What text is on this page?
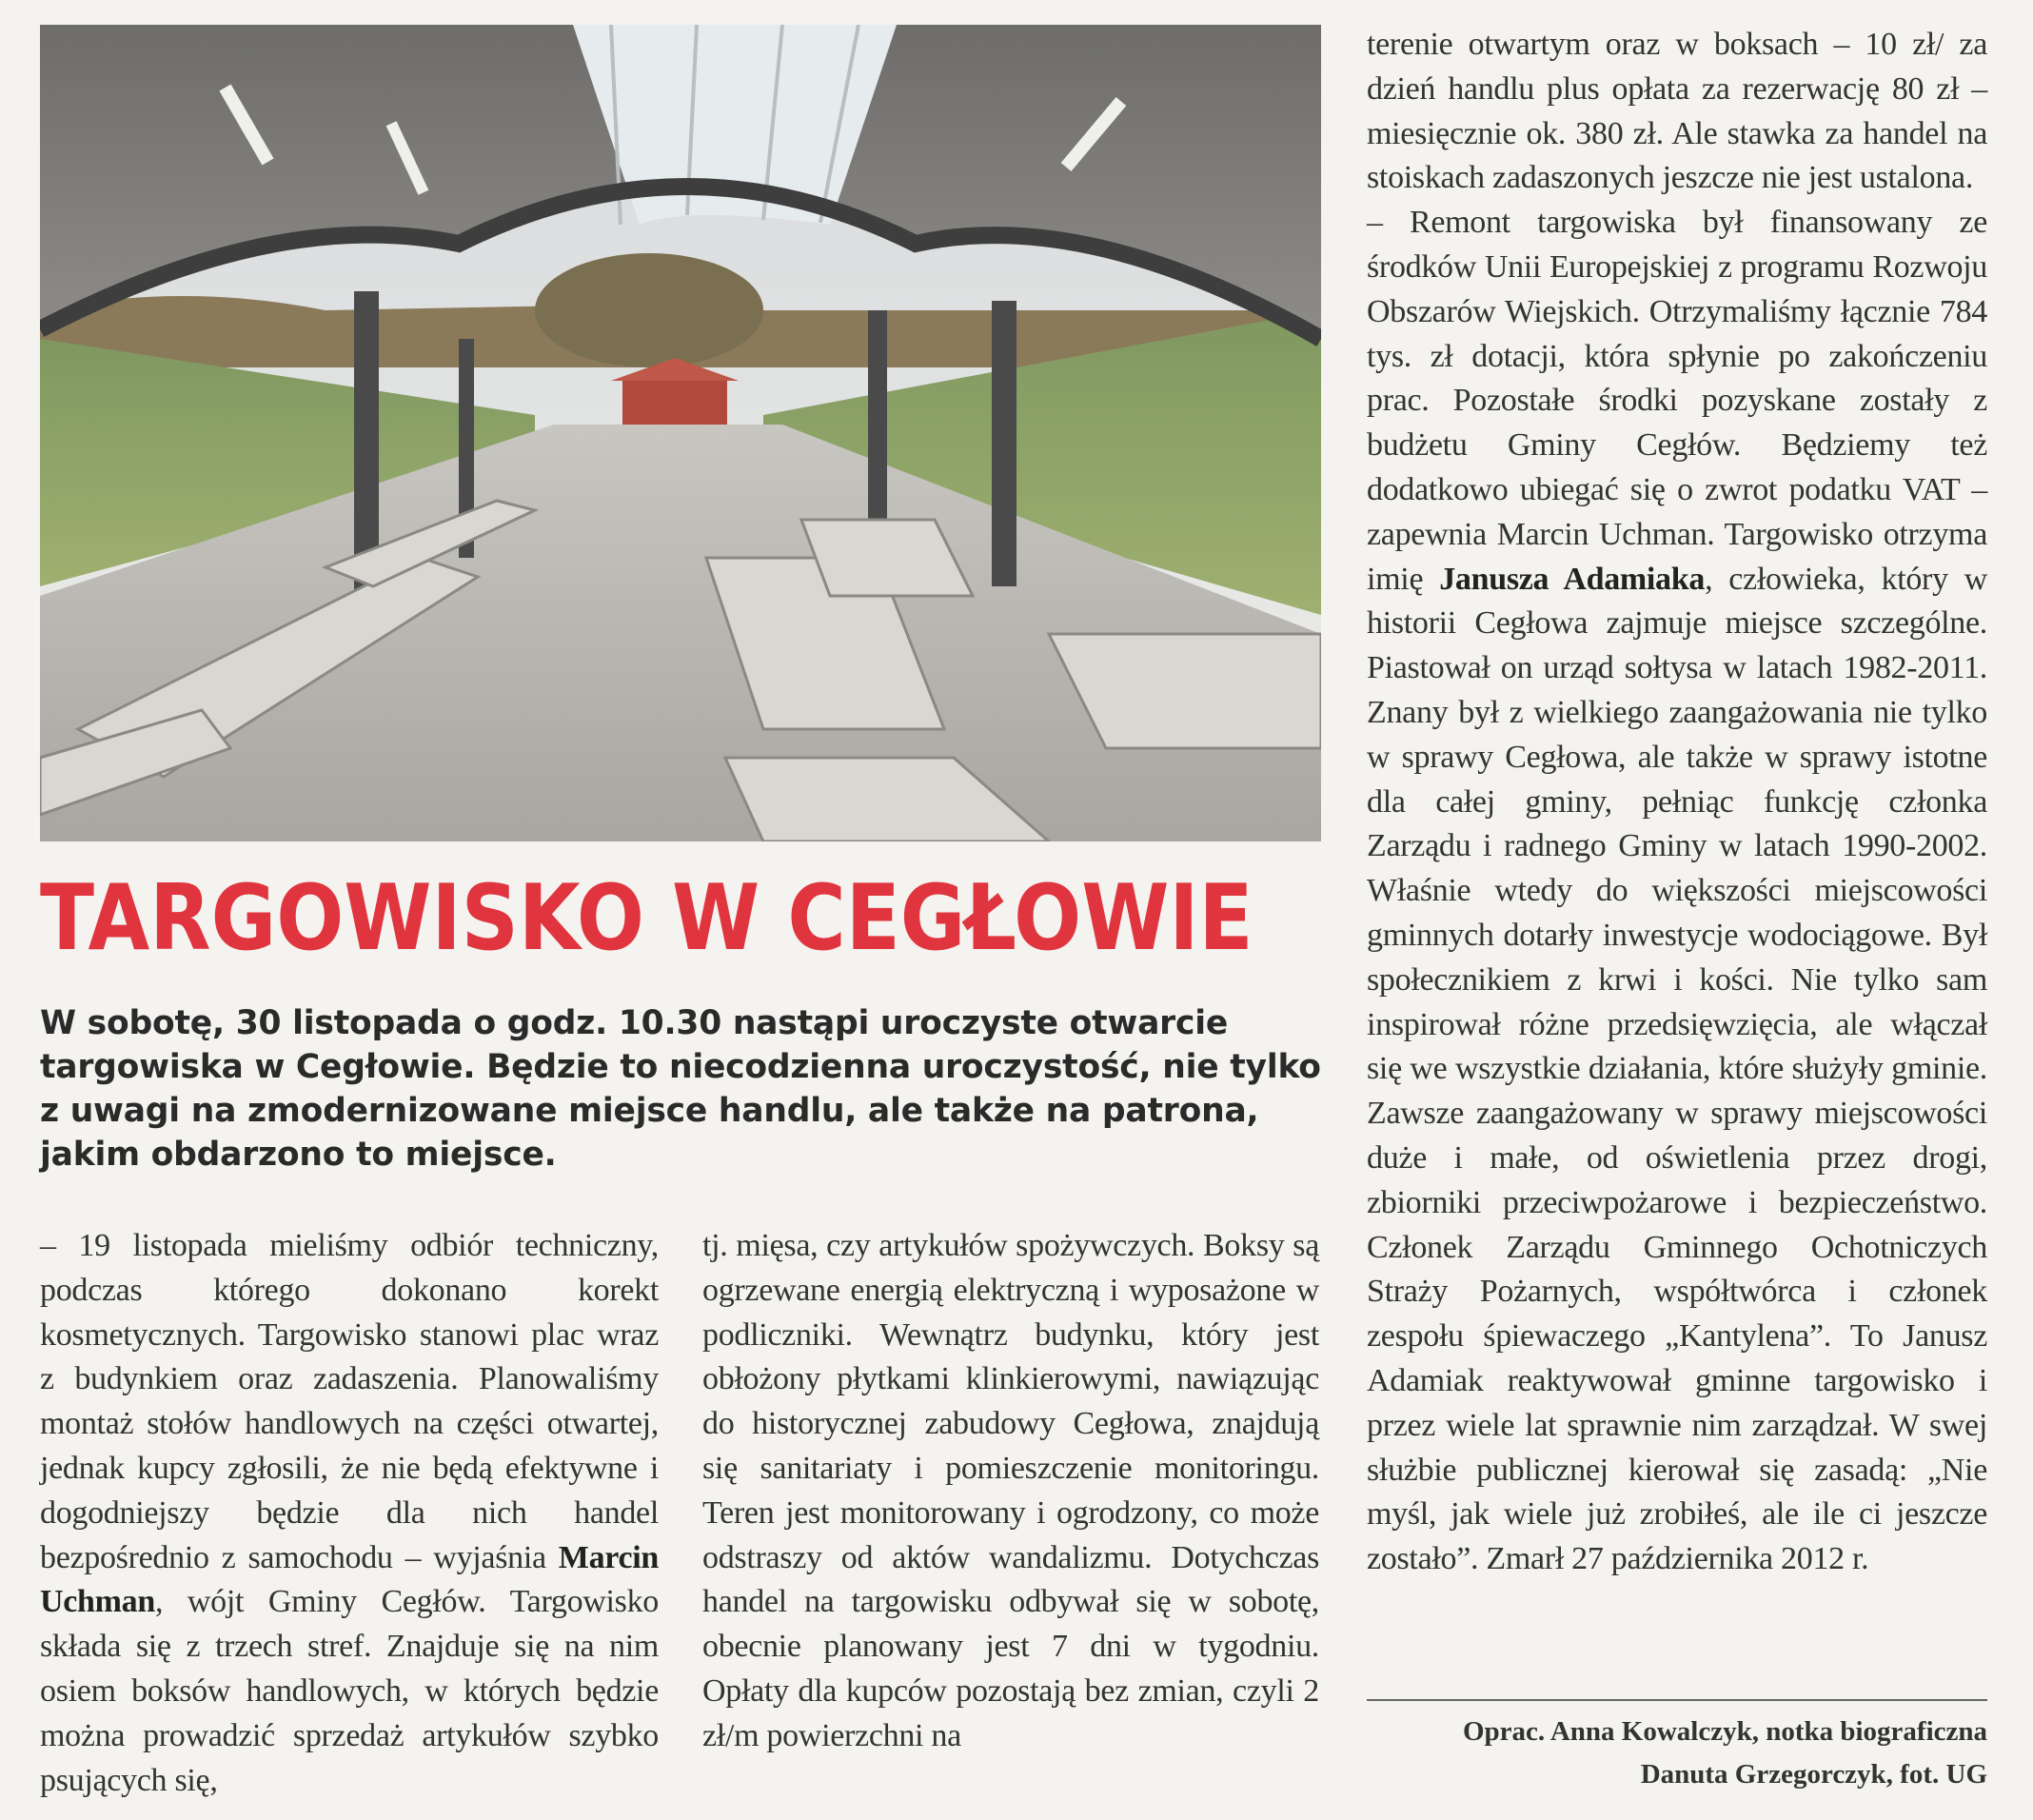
TARGOWISKO W CEGŁOWIE

W sobotę, 30 listopada o godz. 10.30 nastąpi uroczyste otwarcie targowiska w Cegłowie. Będzie to niecodzienna uroczystość, nie tylko z uwagi na zmodernizowane miejsce handlu, ale także na patrona, jakim obdarzono to miejsce.

– 19 listopada mieliśmy odbiór techniczny, podczas którego dokonano korekt kosmetycznych. Targowisko stanowi plac wraz z budynkiem oraz zadaszenia. Planowaliśmy montaż stołów handlowych na części otwartej, jednak kupcy zgłosili, że nie będą efektywne i dogodniejszy będzie dla nich handel bezpośrednio z samochodu – wyjaśnia Marcin Uchman, wójt Gminy Cegłów. Targowisko składa się z trzech stref. Znajduje się na nim osiem boksów handlowych, w których będzie można prowadzić sprzedaż artykułów szybko psujących się,

tj. mięsa, czy artykułów spożywczych. Boksy są ogrzewane energią elektryczną i wyposażone w podliczniki. Wewnątrz budynku, który jest obłożony płytkami klinkierowymi, nawiązując do historycznej zabudowy Cegłowa, znajdują się sanitariaty i pomieszczenie monitoringu. Teren jest monitorowany i ogrodzony, co może odstraszy od aktów wandalizmu. Dotychczas handel na targowisku odbywał się w sobotę, obecnie planowany jest 7 dni w tygodniu. Opłaty dla kupców pozostają bez zmian, czyli 2 zł/m powierzchni na

terenie otwartym oraz w boksach – 10 zł/ za dzień handlu plus opłata za rezerwację 80 zł – miesięcznie ok. 380 zł. Ale stawka za handel na stoiskach zadaszonych jeszcze nie jest ustalona.

– Remont targowiska był finansowany ze środków Unii Europejskiej z programu Rozwoju Obszarów Wiejskich. Otrzymaliśmy łącznie 784 tys. zł dotacji, która spłynie po zakończeniu prac. Pozostałe środki pozyskane zostały z budżetu Gminy Cegłów. Będziemy też dodatkowo ubiegać się o zwrot podatku VAT – zapewnia Marcin Uchman. Targowisko otrzyma imię Janusza Adamiaka, człowieka, który w historii Cegłowa zajmuje miejsce szczególne. Piastował on urząd sołtysa w latach 1982-2011. Znany był z wielkiego zaangażowania nie tylko w sprawy Cegłowa, ale także w sprawy istotne dla całej gminy, pełniąc funkcję członka Zarządu i radnego Gminy w latach 1990-2002. Właśnie wtedy do większości miejscowości gminnych dotarły inwestycje wodociągowe. Był społecznikiem z krwi i kości. Nie tylko sam inspirował różne przedsięwzięcia, ale włączał się we wszystkie działania, które służyły gminie. Zawsze zaangażowany w sprawy miejscowości duże i małe, od oświetlenia przez drogi, zbiorniki przeciwpożarowe i bezpieczeństwo. Członek Zarządu Gminnego Ochotniczych Straży Pożarnych, współtwórca i członek zespołu śpiewaczego „Kantylena”. To Janusz Adamiak reaktywował gminne targowisko i przez wiele lat sprawnie nim zarządzał. W swej służbie publicznej kierował się zasadą: „Nie myśl, jak wiele już zrobiłeś, ale ile ci jeszcze zostało”. Zmarł 27 października 2012 r.

Oprac. Anna Kowalczyk, notka biograficzna
Danuta Grzegorczyk, fot. UG
